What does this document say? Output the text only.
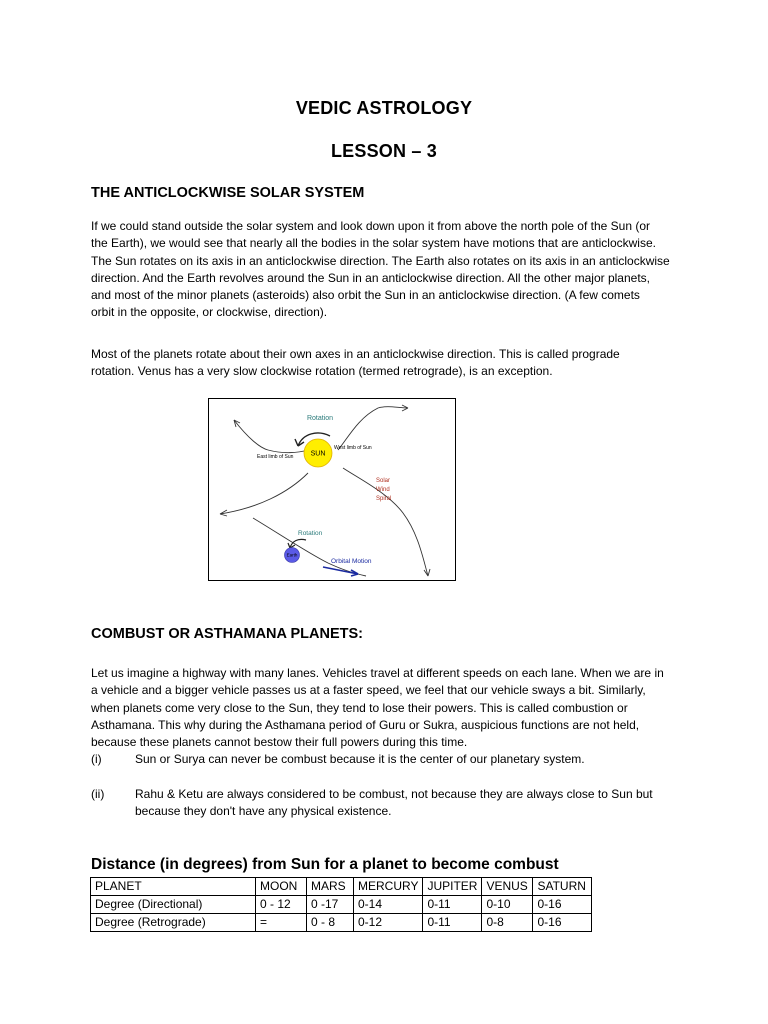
VEDIC ASTROLOGY
LESSON – 3
THE ANTICLOCKWISE SOLAR SYSTEM
If we could stand outside the solar system and look down upon it from above the north pole of the Sun (or
the Earth), we would see that nearly all the bodies in the solar system have motions that are anticlockwise.
The Sun rotates on its axis in an anticlockwise direction. The Earth also rotates on its axis in an anticlockwise
direction. And the Earth revolves around the Sun in an anticlockwise direction. All the other major planets,
and most of the minor planets (asteroids) also orbit the Sun in an anticlockwise direction. (A few comets
orbit in the opposite, or clockwise, direction).
Most of the planets rotate about their own axes in an anticlockwise direction. This is called prograde
rotation. Venus has a very slow clockwise rotation (termed retrograde), is an exception.
SUN
Rotation
East limb of Sun
West limb of Sun
Solar
Wind
Spiral
Rotation
Earth
Orbital Motion
COMBUST OR ASTHAMANA PLANETS:
Let us imagine a highway with many lanes. Vehicles travel at different speeds on each lane. When we are in
a vehicle and a bigger vehicle passes us at a faster speed, we feel that our vehicle sways a bit. Similarly,
when planets come very close to the Sun, they tend to lose their powers. This is called combustion or
Asthamana. This why during the Asthamana period of Guru or Sukra, auspicious functions are not held,
because these planets cannot bestow their full powers during this time.
(i)	Sun or Surya can never be combust because it is the center of our planetary system.
(ii)	Rahu & Ketu are always considered to be combust, not because they are always close to Sun but
because they don't have any physical existence.
Distance (in degrees) from Sun for a planet to become combust
PLANET	MOON	MARS	MERCURY	JUPITER	VENUS	SATURN
Degree (Directional)	0 - 12	0 -17	0-14	0-11	0-10	0-16
Degree (Retrograde)	=	0 - 8	0-12	0-11	0-8	0-16
